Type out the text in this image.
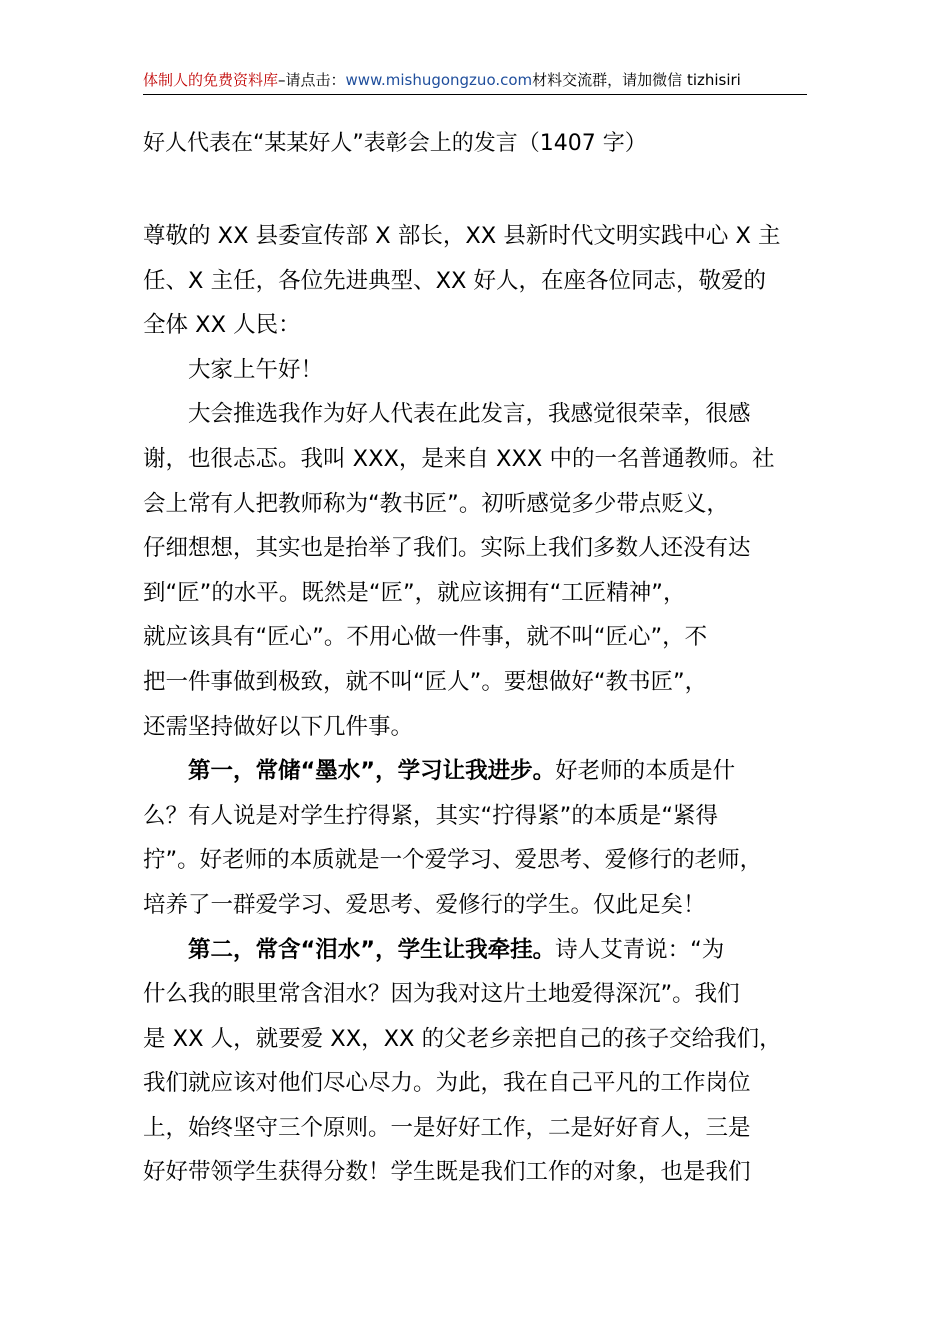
体制人的免费资料库–请点击：www.mishugongzuo.com材料交流群，请加微信 tizhisiri
好人代表在“某某好人”表彰会上的发言（1407 字）

尊敬的 XX 县委宣传部 X 部长，XX 县新时代文明实践中心 X 主

任、X 主任，各位先进典型、XX 好人，在座各位同志，敬爱的

全体 XX 人民：

大家上午好！

大会推选我作为好人代表在此发言，我感觉很荣幸，很感

谢，也很忐忑。我叫 XXX，是来自 XXX 中的一名普通教师。社

会上常有人把教师称为“教书匠”。初听感觉多少带点贬义，

仔细想想，其实也是抬举了我们。实际上我们多数人还没有达

到“匠”的水平。既然是“匠”，就应该拥有“工匠精神”，

就应该具有“匠心”。不用心做一件事，就不叫“匠心”，不

把一件事做到极致，就不叫“匠人”。要想做好“教书匠”，

还需坚持做好以下几件事。

第一，常储“墨水”，学习让我进步。好老师的本质是什

么？有人说是对学生拧得紧，其实“拧得紧”的本质是“紧得

拧”。好老师的本质就是一个爱学习、爱思考、爱修行的老师，

培养了一群爱学习、爱思考、爱修行的学生。仅此足矣！

第二，常含“泪水”，学生让我牵挂。诗人艾青说：“为

什么我的眼里常含泪水？因为我对这片土地爱得深沉”。我们

是 XX 人，就要爱 XX，XX 的父老乡亲把自己的孩子交给我们，

我们就应该对他们尽心尽力。为此，我在自己平凡的工作岗位

上，始终坚守三个原则。一是好好工作，二是好好育人，三是

好好带领学生获得分数！学生既是我们工作的对象，也是我们
